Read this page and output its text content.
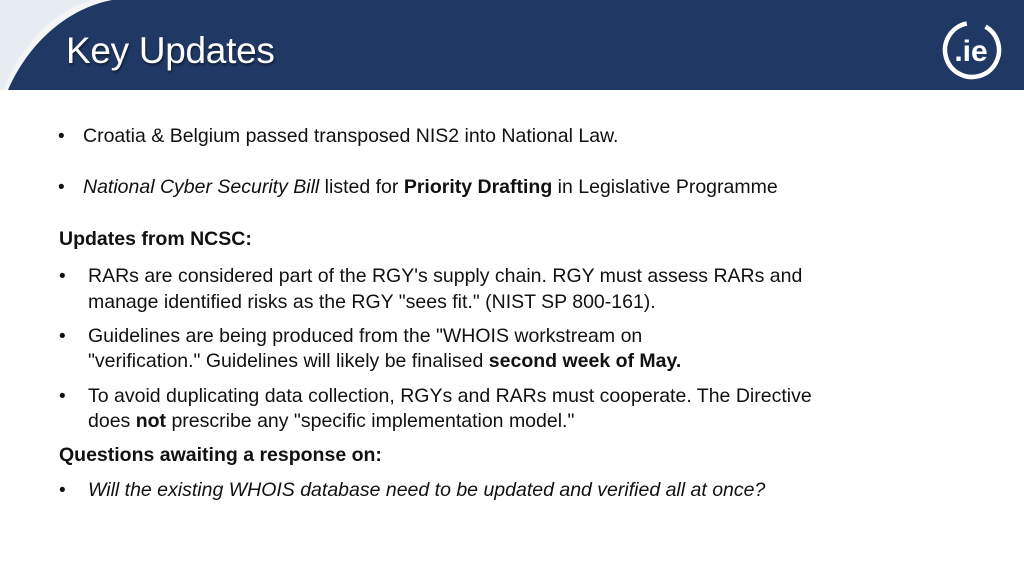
Key Updates	.ie
• Croatia & Belgium passed transposed NIS2 into National Law.
• National Cyber Security Bill listed for Priority Drafting in Legislative Programme
Updates from NCSC:
• RARs are considered part of the RGY's supply chain. RGY must assess RARs and
manage identified risks as the RGY "sees fit." (NIST SP 800-161).
• Guidelines are being produced from the "WHOIS workstream on
"verification." Guidelines will likely be finalised second week of May.
• To avoid duplicating data collection, RGYs and RARs must cooperate. The Directive
does not prescribe any "specific implementation model."
Questions awaiting a response on:
• Will the existing WHOIS database need to be updated and verified all at once?
